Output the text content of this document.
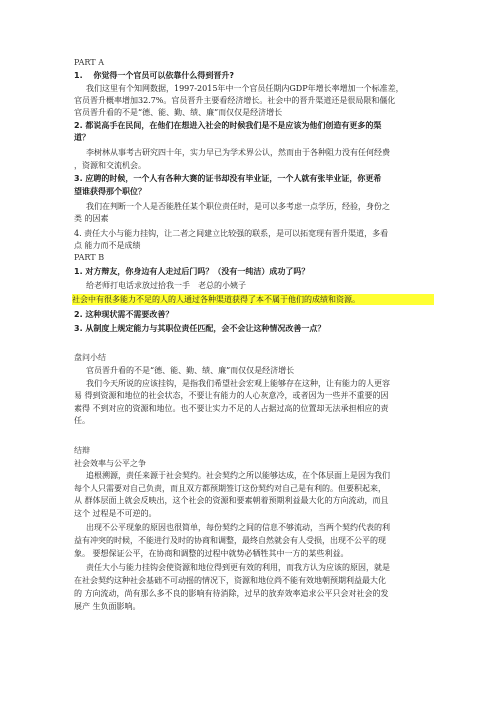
PART A
1.　 你觉得一个官员可以依靠什么得到晋升?
我们这里有个知网数据，1997-2015年中一个官员任期内GDP年增长率增加一个标准差，
官员晋升概率增加32.7%。官员晋升主要看经济增长。社会中的晋升渠道还是很局限和僵化
官员晋升看的不是“德、能、勤、绩、廉”而仅仅是经济增长
2. 都说高手在民间，在他们在想进入社会的时候我们是不是应该为他们创造有更多的渠
道？
李树林从事考古研究四十年，实力早已为学术界公认，然而由于各种阻力没有任何经费
，资源和交流机会。
3. 应聘的时候，一个人有各种大赛的证书却没有毕业证，一个人就有张毕业证，你更希
望谁获得那个职位？
我们在判断一个人是否能胜任某个职位责任时，是可以多考虑一点学历，经验，身份之
类 的因素
4. 责任大小与能力挂钩，让二者之间建立比较强的联系，是可以拓宽现有晋升渠道，多看
点 能力而不是成绩
PART B
1. 对方辩友，你身边有人走过后门吗？（没有一纯洁）成功了吗？
给老师打电话求放过拾我一手　老总的小姨子
社会中有很多能力不足的人的人通过各种渠道获得了本不属于他们的成绩和资源。
2. 这种现状需不需要改善？
3. 从制度上规定能力与其职位责任匹配，会不会让这种情况改善一点？
盘问小结
官员晋升看的不是“德、能、勤、绩、廉”而仅仅是经济增长
我们今天所说的应该挂钩，是指我们希望社会宏观上能够存在这种，让有能力的人更容
易 得到资源和地位的社会状态，不要让有能力的人心灰意冷，或者因为一些并不重要的因
素得 不到对应的资源和地位。也不要让实力不足的人占据过高的位置却无法承担相应的责
任。
结辩
社会效率与公平之争
追根溯源，责任来源于社会契约。社会契约之所以能够达成，在个体层面上是因为我们
每个人只需要对自己负责，而且双方都预期签订这份契约对自己是有利的。但要积起来，
从 群体层面上就会反映出，这个社会的资源和要素朝着预期利益最大化的方向流动，而且
这个 过程是不可逆的。
出现不公平现象的原因也很简单，每份契约之间的信息不够流动，当两个契约代表的利
益有冲突的时候，不能进行及时的协商和调整，最终自然就会有人受损，出现不公平的现
象。 要想保证公平，在协商和调整的过程中就势必牺牲其中一方的某些利益。
责任大小与能力挂钩会使资源和地位得到更有效的利用，而我方认为应该的原因，就是
在社会契约这种社会基础不可动摇的情况下，资源和地位尚不能有效地朝预期利益最大化
的 方向流动，尚有那么多不良的影响有待消除，过早的放弃效率追求公平只会对社会的发
展产 生负面影响。
